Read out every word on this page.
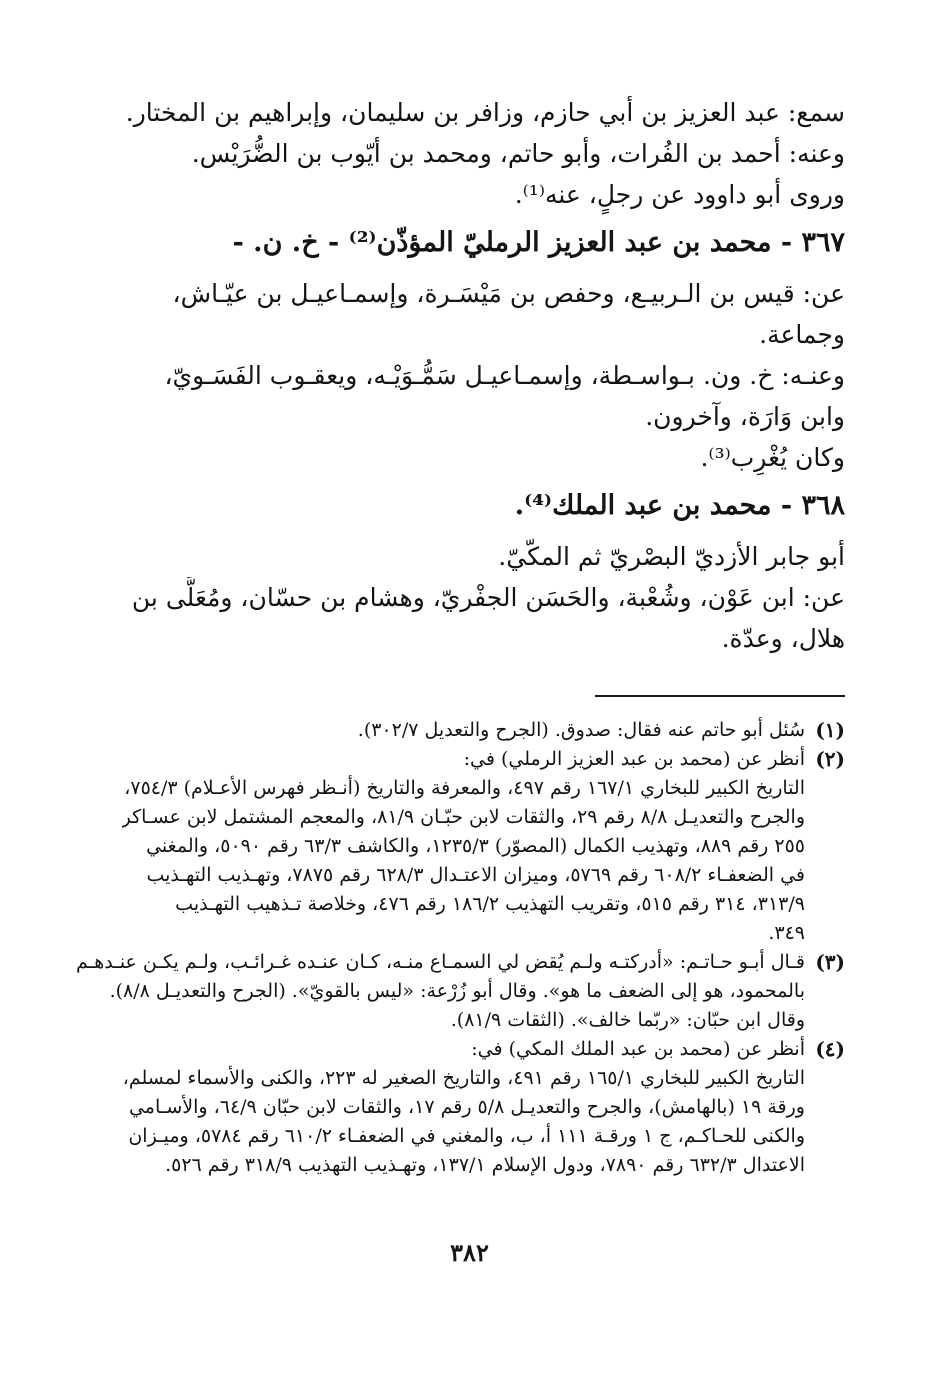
سمع: عبد العزيز بن أبي حازم، وزافر بن سليمان، وإبراهيم بن المختار.
وعنه: أحمد بن الفُرات، وأبو حاتم، ومحمد بن أيّوب بن الضُّرَيْس.
وروى أبو داوود عن رجلٍ، عنه⁽¹⁾.
٣٦٧ - محمد بن عبد العزيز الرمليّ المؤذّن⁽²⁾ - خ. ن. -
عن: قيس بن الـربيـع، وحفص بن مَيْسَـرة، وإسمـاعيـل بن عيّـاش،
وجماعة.
وعنـه: خ. ون. بـواسـطة، وإسمـاعيـل سَمُّـوَيْـه، ويعقـوب الفَسَـويّ،
وابن وَارَة، وآخرون.
وكان يُغْرِب⁽³⁾.
٣٦٨ - محمد بن عبد الملك⁽⁴⁾.
أبو جابر الأزديّ البصْريّ ثم المكّيّ.
عن: ابن عَوْن، وشُعْبة، والحَسَن الجفْريّ، وهشام بن حسّان، ومُعَلَّى بن
هلال، وعدّة.
(١)
سُئل أبو حاتم عنه فقال: صدوق. (الجرح والتعديل ٣٠٢/٧).
(٢)
أنظر عن (محمد بن عبد العزيز الرملي) في:
التاريخ الكبير للبخاري ١٦٧/١ رقم ٤٩٧، والمعرفة والتاريخ (أنـظر فهرس الأعـلام) ٧٥٤/٣،
والجرح والتعديـل ٨/٨ رقم ٢٩، والثقات لابن حبّـان ٨١/٩، والمعجم المشتمل لابن عسـاكر
٢٥٥ رقم ٨٨٩، وتهذيب الكمال (المصوّر) ١٢٣٥/٣، والكاشف ٦٣/٣ رقم ٥٠٩٠، والمغني
في الضعفـاء ٦٠٨/٢ رقم ٥٧٦٩، وميزان الاعتـدال ٦٢٨/٣ رقم ٧٨٧٥، وتهـذيب التهـذيب
٣١٣/٩، ٣١٤ رقم ٥١٥، وتقريب التهذيب ١٨٦/٢ رقم ٤٧٦، وخلاصة تـذهيب التهـذيب
٣٤٩.
(٣)
قـال أبـو حـاتـم: «أدركتـه ولـم يُقض لي السمـاع منـه، كـان عنـده غـرائـب، ولـم يكـن عنـدهـم
بالمحمود، هو إلى الضعف ما هو». وقال أبو زُرْعة: «ليس بالقويّ». (الجرح والتعديـل ٨/٨).
وقال ابن حبّان: «ربّما خالف». (الثقات ٨١/٩).
(٤)
أنظر عن (محمد بن عبد الملك المكي) في:
التاريخ الكبير للبخاري ١٦٥/١ رقم ٤٩١، والتاريخ الصغير له ٢٢٣، والكنى والأسماء لمسلم،
ورقة ١٩ (بالهامش)، والجرح والتعديـل ٥/٨ رقم ١٧، والثقات لابن حبّان ٦٤/٩، والأسـامي
والكنى للحـاكـم، ج ١ ورقـة ١١١ أ، ب، والمغني في الضعفـاء ٦١٠/٢ رقم ٥٧٨٤، وميـزان
الاعتدال ٦٣٢/٣ رقم ٧٨٩٠، ودول الإسلام ١٣٧/١، وتهـذيب التهذيب ٣١٨/٩ رقم ٥٢٦.
٣٨٢
